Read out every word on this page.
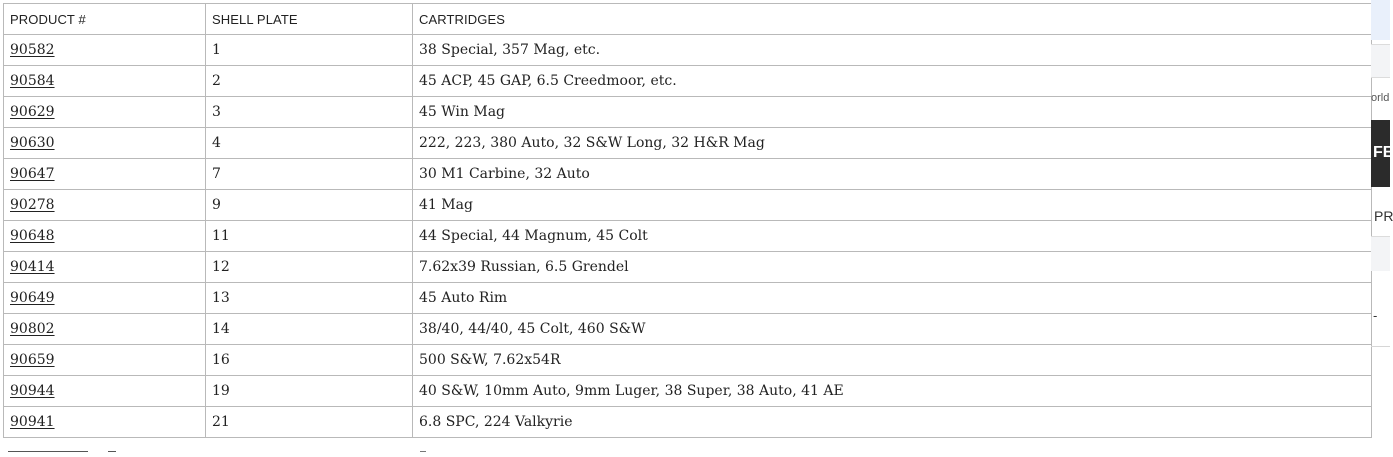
PRODUCT #	SHELL PLATE	CARTRIDGES
90582	1	38 Special, 357 Mag, etc.
90584	2	45 ACP, 45 GAP, 6.5 Creedmoor, etc.
90629	3	45 Win Mag
90630	4	222, 223, 380 Auto, 32 S&W Long, 32 H&R Mag
90647	7	30 M1 Carbine, 32 Auto
90278	9	41 Mag
90648	11	44 Special, 44 Magnum, 45 Colt
90414	12	7.62x39 Russian, 6.5 Grendel
90649	13	45 Auto Rim
90802	14	38/40, 44/40, 45 Colt, 460 S&W
90659	16	500 S&W, 7.62x54R
90944	19	40 S&W, 10mm Auto, 9mm Luger, 38 Super, 38 Auto, 41 AE
90941	21	6.8 SPC, 224 Valkyrie
orld
FE
PR
-
